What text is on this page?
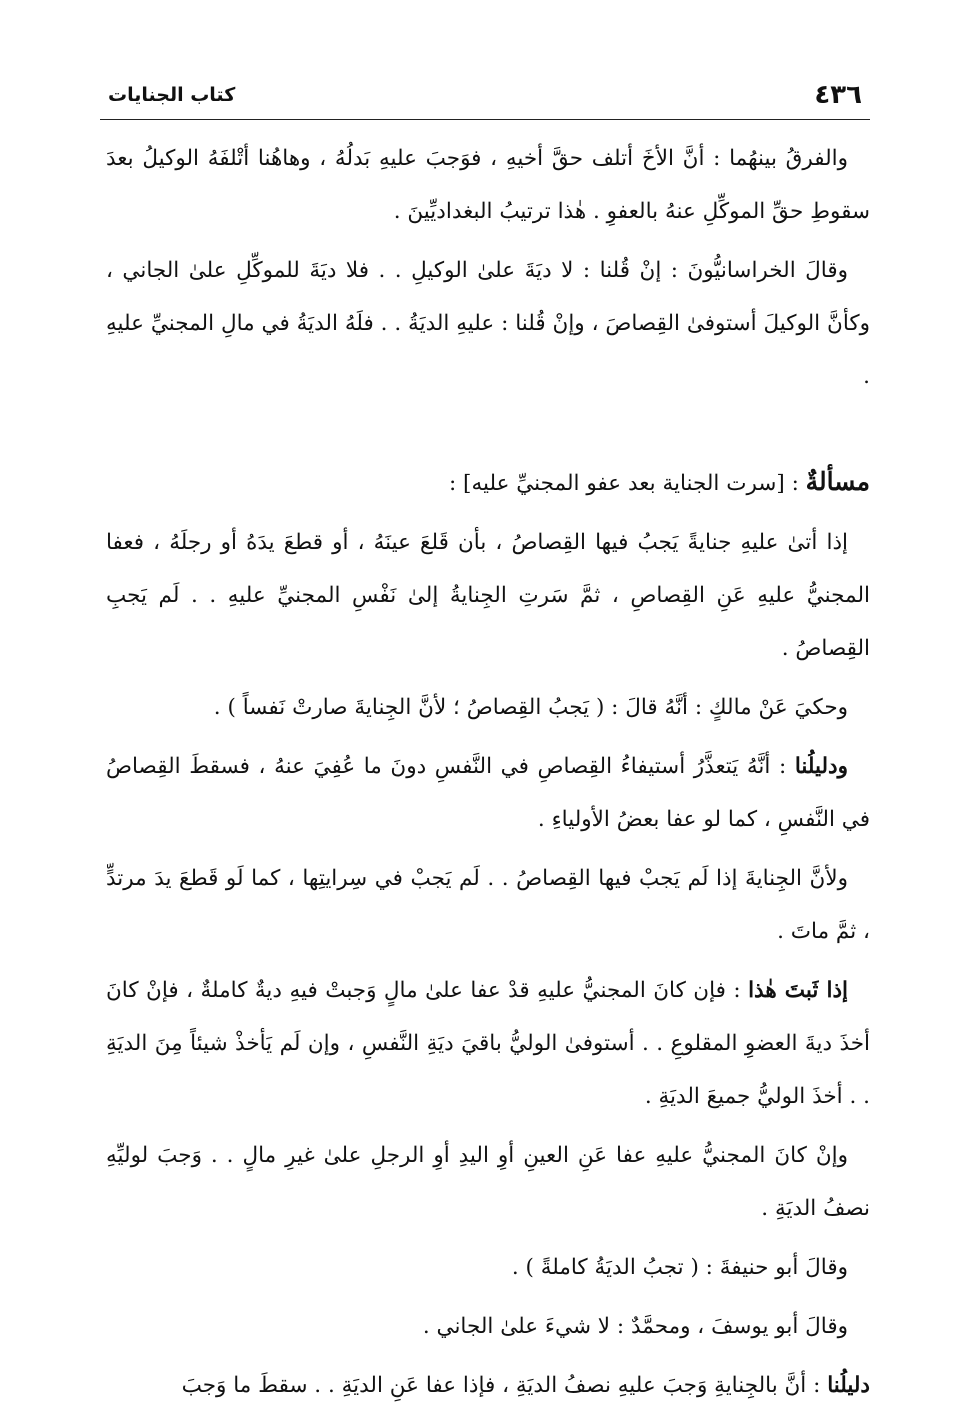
٤٣٦
كتاب الجنايات

والفرقُ بينهُما : أنَّ الأخَ أتلف حقَّ أخيهِ ، فوَجبَ عليهِ بَدلُهُ ، وهاهُنا أتْلفَهُ الوكيلُ بعدَ سقوطِ حقِّ الموكِّلِ عنهُ بالعفوِ . هٰذا ترتيبُ البغداديِّينَ .

وقالَ الخراسانيُّونَ : إنْ قُلنا : لا ديَةَ علىٰ الوكيلِ . . فلا ديَةَ للموكِّلِ علىٰ الجاني ، وكأنَّ الوكيلَ أستوفىٰ القِصاصَ ، وإنْ قُلنا : عليهِ الديَةُ . . فلَهُ الديَةُ في مالِ المجنيِّ عليهِ .

مسألةٌ : [سرت الجناية بعد عفو المجنيِّ عليه] :

إذا أتىٰ عليهِ جنايةً يَجبُ فيها القِصاصُ ، بأن قَلعَ عينَهُ ، أو قطعَ يدَهُ أو رجلَهُ ، فعفا المجنيُّ عليهِ عَنِ القِصاصِ ، ثمَّ سَرتِ الجِنايةُ إلىٰ نَفْسِ المجنيِّ عليهِ . . لَم يَجبِ القِصاصُ .

وحكيَ عَنْ مالكٍ : أنَّهُ قالَ : ( يَجبُ القِصاصُ ؛ لأنَّ الجِنايةَ صارتْ نَفساً ) .

ودليلُنا : أنَّهُ يَتعذَّرُ أستيفاءُ القِصاصِ في النَّفسِ دونَ ما عُفِيَ عنهُ ، فسقطَ القِصاصُ في النَّفسِ ، كما لو عفا بعضُ الأولياءِ .

ولأنَّ الجِنايةَ إذا لَم يَجبْ فيها القِصاصُ . . لَم يَجبْ في سِرايتِها ، كما لَو قَطعَ يدَ مرتدٍّ ، ثمَّ ماتَ .

إذا ثَبتَ هٰذا : فإن كانَ المجنيُّ عليهِ قدْ عفا علىٰ مالٍ وَجبتْ فيهِ ديةٌ كاملةٌ ، فإنْ كانَ أخذَ ديةَ العضوِ المقلوعِ . . أستوفىٰ الوليُّ باقيَ ديَةِ النَّفسِ ، وإن لَم يَأخذْ شيئاً مِنَ الديَةِ . . أخذَ الوليُّ جميعَ الديَةِ .

وإنْ كانَ المجنيُّ عليهِ عفا عَنِ العينِ أوِ اليدِ أوِ الرجلِ علىٰ غيرِ مالٍ . . وَجبَ لوليِّهِ نصفُ الديَةِ .

وقالَ أبو حنيفةَ : ( تجبُ الديَةُ كاملةً ) .

وقالَ أبو يوسفَ ، ومحمَّدٌ : لا شيءَ علىٰ الجاني .

دليلُنا : أنَّ بالجِنايةِ وَجبَ عليهِ نصفُ الديَةِ ، فإذا عفا عَنِ الديَةِ . . سقطَ ما وَجبَ
